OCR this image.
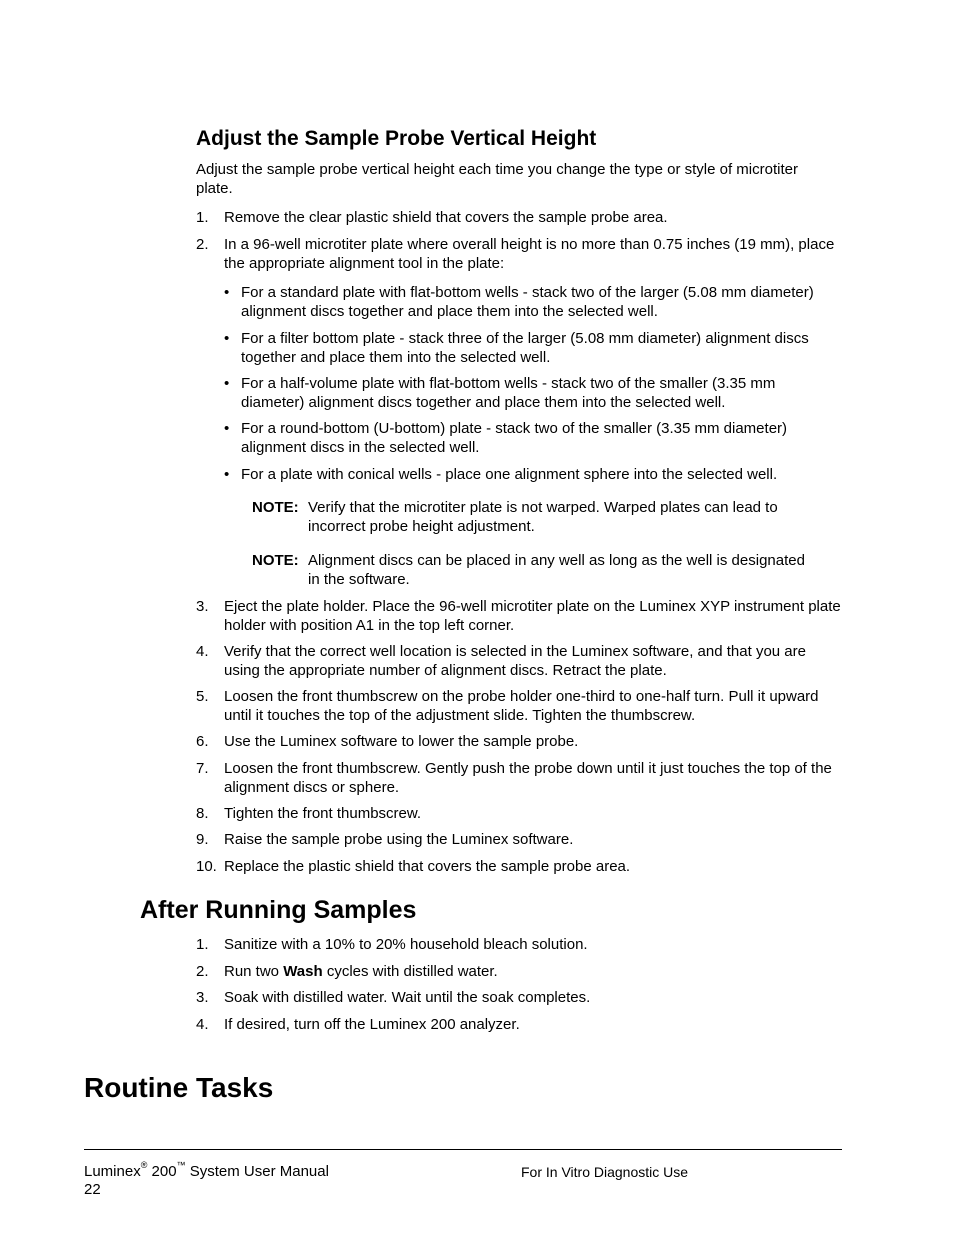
Adjust the Sample Probe Vertical Height
Adjust the sample probe vertical height each time you change the type or style of microtiter plate.
1.	Remove the clear plastic shield that covers the sample probe area.
2.	In a 96-well microtiter plate where overall height is no more than 0.75 inches (19 mm), place the appropriate alignment tool in the plate:
• For a standard plate with flat-bottom wells - stack two of the larger (5.08 mm diameter) alignment discs together and place them into the selected well.
• For a filter bottom plate - stack three of the larger (5.08 mm diameter) alignment discs together and place them into the selected well.
• For a half-volume plate with flat-bottom wells - stack two of the smaller (3.35 mm diameter) alignment discs together and place them into the selected well.
• For a round-bottom (U-bottom) plate - stack two of the smaller (3.35 mm diameter) alignment discs in the selected well.
• For a plate with conical wells - place one alignment sphere into the selected well.
NOTE: Verify that the microtiter plate is not warped. Warped plates can lead to incorrect probe height adjustment.
NOTE: Alignment discs can be placed in any well as long as the well is designated in the software.
3.	Eject the plate holder. Place the 96-well microtiter plate on the Luminex XYP instrument plate holder with position A1 in the top left corner.
4.	Verify that the correct well location is selected in the Luminex software, and that you are using the appropriate number of alignment discs. Retract the plate.
5.	Loosen the front thumbscrew on the probe holder one-third to one-half turn. Pull it upward until it touches the top of the adjustment slide. Tighten the thumbscrew.
6.	Use the Luminex software to lower the sample probe.
7.	Loosen the front thumbscrew. Gently push the probe down until it just touches the top of the alignment discs or sphere.
8.	Tighten the front thumbscrew.
9.	Raise the sample probe using the Luminex software.
10. Replace the plastic shield that covers the sample probe area.
After Running Samples
1.	Sanitize with a 10% to 20% household bleach solution.
2.	Run two Wash cycles with distilled water.
3.	Soak with distilled water. Wait until the soak completes.
4.	If desired, turn off the Luminex 200 analyzer.
Routine Tasks
Luminex® 200™ System User Manual
22
For In Vitro Diagnostic Use
